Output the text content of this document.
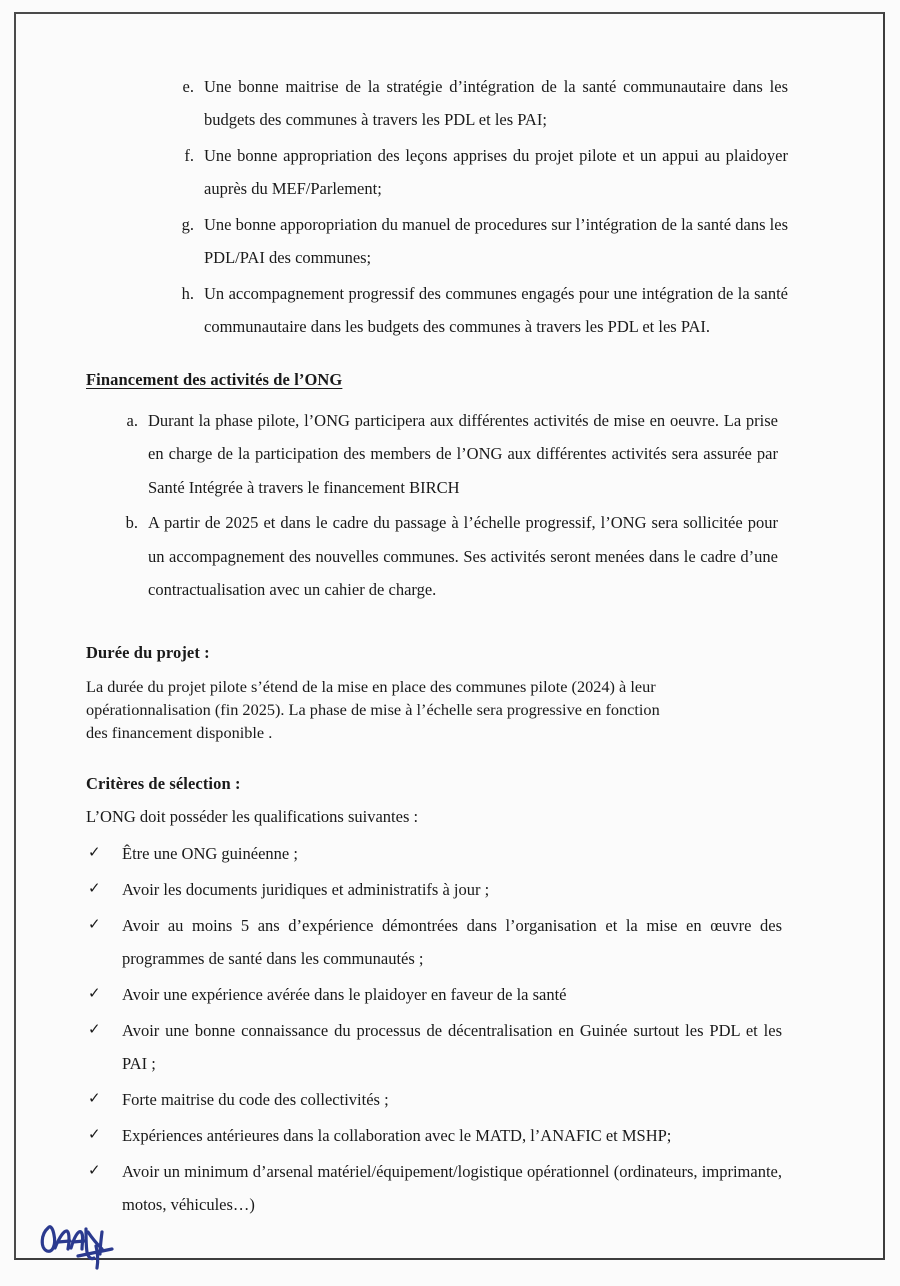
e. Une bonne maitrise de la stratégie d’intégration de la santé communautaire dans les budgets des communes à travers les PDL et les PAI;
f. Une bonne appropriation des leçons apprises du projet pilote et un appui au plaidoyer auprès du MEF/Parlement;
g. Une bonne apporopriation du manuel de procedures sur l’intégration de la santé dans les PDL/PAI des communes;
h. Un accompagnement progressif des communes engagés pour une intégration de la santé communautaire dans les budgets des communes à travers les PDL et les PAI.
Financement des activités de l’ONG
a. Durant la phase pilote, l’ONG participera aux différentes activités de mise en oeuvre. La prise en charge de la participation des members de l’ONG aux différentes activités sera assurée par Santé Intégrée à travers le financement BIRCH
b. A partir de 2025 et dans le cadre du passage à l’échelle progressif, l’ONG sera sollicitée pour un accompagnement des nouvelles communes. Ses activités seront menées dans le cadre d’une contractualisation avec un cahier de charge.
Durée du projet :

La durée du projet pilote s’étend de la mise en place des communes pilote (2024) à leur opérationnalisation (fin 2025). La phase de mise à l’échelle sera progressive en fonction des financement disponible .

Critères de sélection :

L’ONG doit posséder les qualifications suivantes :

✓ Être une ONG guinéenne ;
✓ Avoir les documents juridiques et administratifs à jour ;
✓ Avoir au moins 5 ans d’expérience démontrées dans l’organisation et la mise en œuvre des programmes de santé dans les communautés ;
✓ Avoir une expérience avérée dans le plaidoyer en faveur de la santé
✓ Avoir une bonne connaissance du processus de décentralisation en Guinée surtout les PDL et les PAI ;
✓ Forte maitrise du code des collectivités ;
✓ Expériences antérieures dans la collaboration avec le MATD, l’ANAFIC et MSHP;
✓ Avoir un minimum d’arsenal matériel/équipement/logistique opérationnel (ordinateurs, imprimante, motos, véhicules…)
